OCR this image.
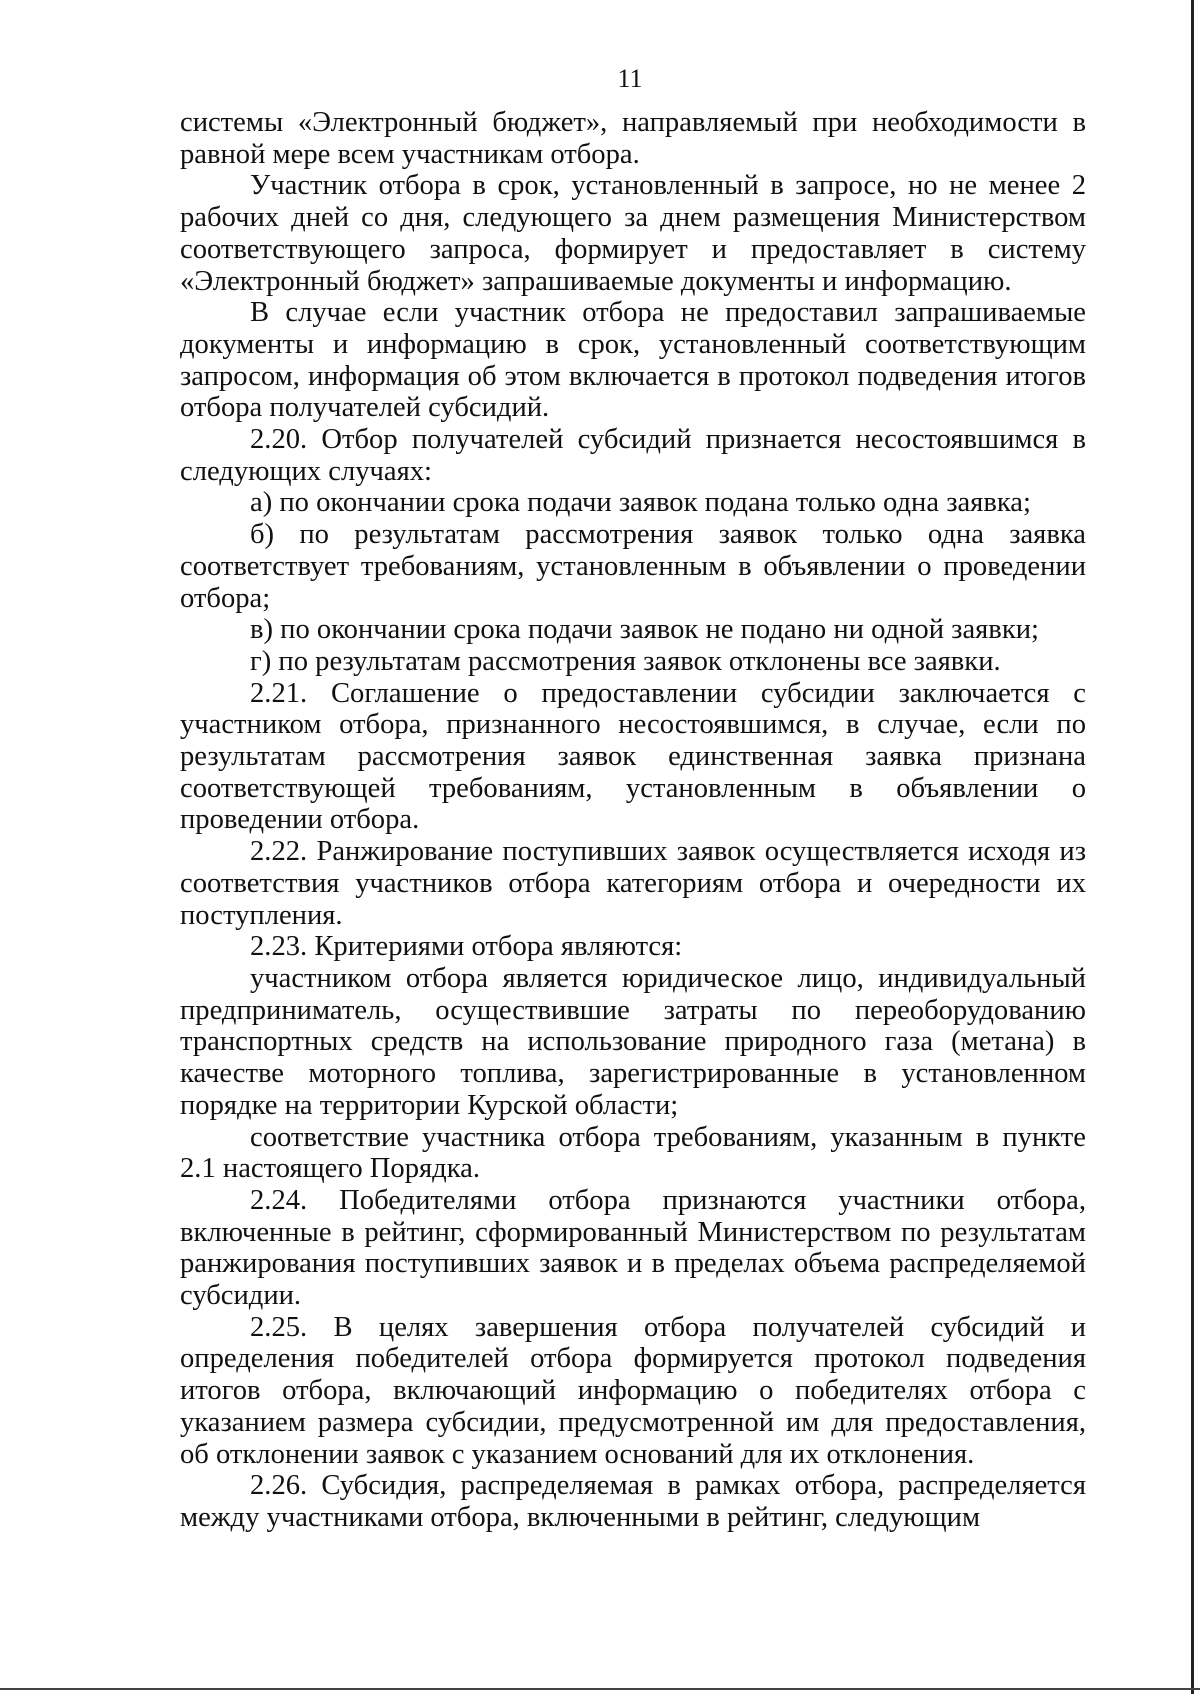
11

системы «Электронный бюджет», направляемый при необходимости в равной мере всем участникам отбора.

Участник отбора в срок, установленный в запросе, но не менее 2 рабочих дней со дня, следующего за днем размещения Министерством соответствующего запроса, формирует и предоставляет в систему «Электронный бюджет» запрашиваемые документы и информацию.

В случае если участник отбора не предоставил запрашиваемые документы и информацию в срок, установленный соответствующим запросом, информация об этом включается в протокол подведения итогов отбора получателей субсидий.

2.20. Отбор получателей субсидий признается несостоявшимся в следующих случаях:

а) по окончании срока подачи заявок подана только одна заявка;

б) по результатам рассмотрения заявок только одна заявка соответствует требованиям, установленным в объявлении о проведении отбора;

в) по окончании срока подачи заявок не подано ни одной заявки;

г) по результатам рассмотрения заявок отклонены все заявки.

2.21. Соглашение о предоставлении субсидии заключается с участником отбора, признанного несостоявшимся, в случае, если по результатам рассмотрения заявок единственная заявка признана соответствующей требованиям, установленным в объявлении о проведении отбора.

2.22. Ранжирование поступивших заявок осуществляется исходя из соответствия участников отбора категориям отбора и очередности их поступления.

2.23. Критериями отбора являются:

участником отбора является юридическое лицо, индивидуальный предприниматель, осуществившие затраты по переоборудованию транспортных средств на использование природного газа (метана) в качестве моторного топлива, зарегистрированные в установленном порядке на территории Курской области;

соответствие участника отбора требованиям, указанным в пункте 2.1 настоящего Порядка.

2.24. Победителями отбора признаются участники отбора, включенные в рейтинг, сформированный Министерством по результатам ранжирования поступивших заявок и в пределах объема распределяемой субсидии.

2.25. В целях завершения отбора получателей субсидий и определения победителей отбора формируется протокол подведения итогов отбора, включающий информацию о победителях отбора с указанием размера субсидии, предусмотренной им для предоставления, об отклонении заявок с указанием оснований для их отклонения.

2.26. Субсидия, распределяемая в рамках отбора, распределяется между участниками отбора, включенными в рейтинг, следующим
